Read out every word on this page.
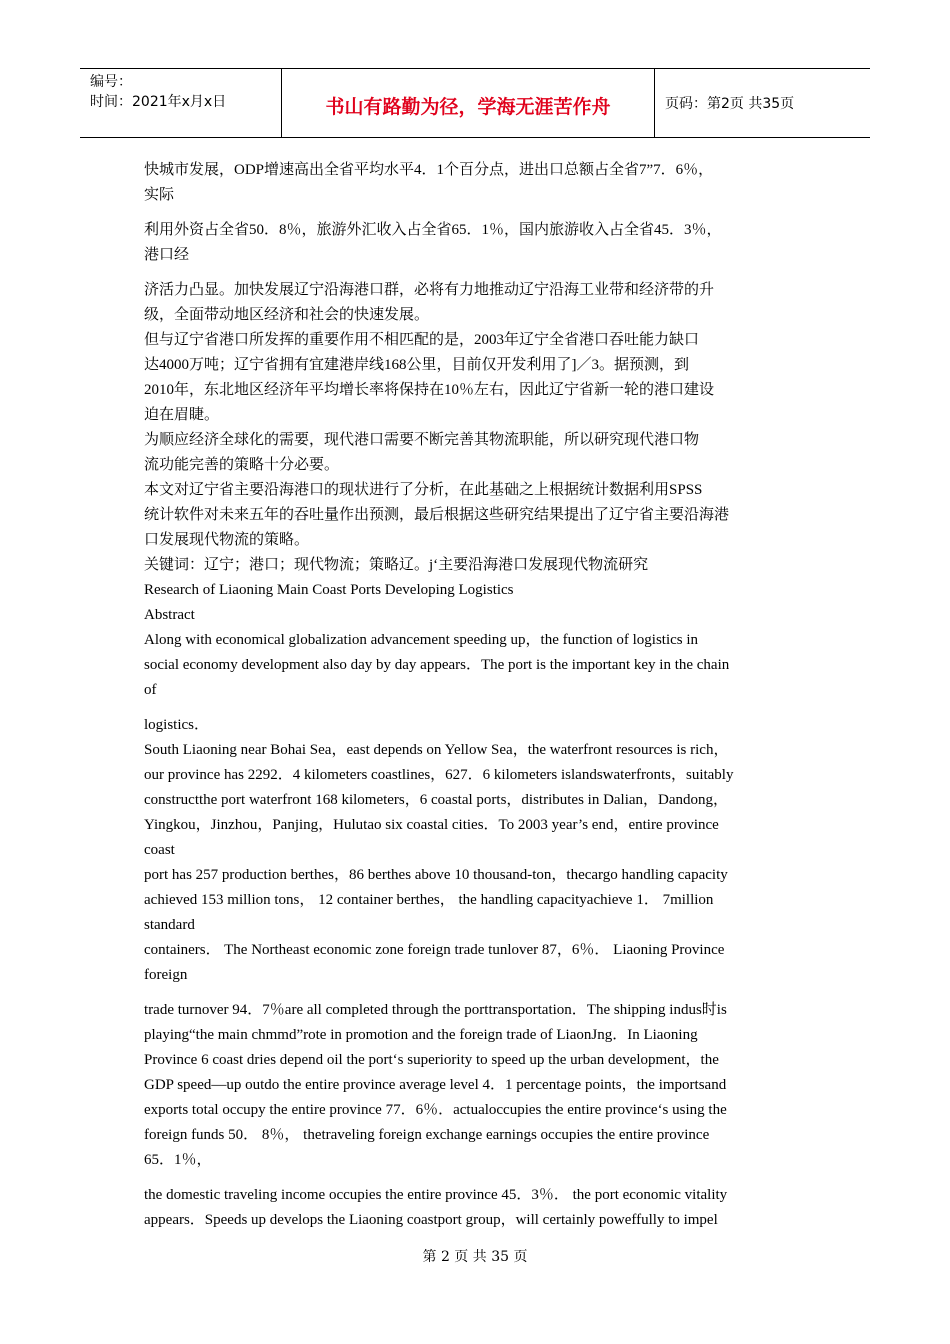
编号：
时间：2021年x月x日	书山有路勤为径，学海无涯苦作舟	页码：第2页 共35页

快城市发展，ODP增速高出全省平均水平4．1个百分点，进出口总额占全省7”7．6％，

实际

利用外资占全省50．8％，旅游外汇收入占全省65．1％，国内旅游收入占全省45．3％，

港口经

济活力凸显。加快发展辽宁沿海港口群，必将有力地推动辽宁沿海工业带和经济带的升

级，全面带动地区经济和社会的快速发展。

但与辽宁省港口所发挥的重要作用不相匹配的是，2003年辽宁全省港口吞吐能力缺口

达4000万吨；辽宁省拥有宜建港岸线168公里，目前仅开发利用了]／3。据预测，到

2010年，东北地区经济年平均增长率将保持在10％左右，因此辽宁省新一轮的港口建设

迫在眉睫。

为顺应经济全球化的需要，现代港口需要不断完善其物流职能，所以研究现代港口物

流功能完善的策略十分必要。

本文对辽宁省主要沿海港口的现状进行了分析，在此基础之上根据统计数据利用SPSS

统计软件对未来五年的吞吐量作出预测，最后根据这些研究结果提出了辽宁省主要沿海港

口发展现代物流的策略。

关键词：辽宁；港口；现代物流；策略辽。j‘主要沿海港口发展现代物流研究

Research of Liaoning Main Coast Ports Developing Logistics

Abstract

Along with economical globalization advancement speeding up，the function of logistics in

social economy development also day by day appears．The port is the important key in the chain

of

logistics．

South Liaoning near Bohai Sea，east depends on Yellow Sea，the waterfront resources is rich，

our province has 2292．4 kilometers coastlines，627．6 kilometers islandswaterfronts，suitably

constructthe port waterfront 168 kilometers，6 coastal ports，distributes in Dalian，Dandong，

Yingkou，Jinzhou，Panjing，Hulutao six coastal cities．To 2003 year’s end，entire province

coast

port has 257 production berthes，86 berthes above 10 thousand-ton，thecargo handling capacity

achieved 153 million tons， 12 container berthes， the handling capacityachieve 1． 7million

standard

containers． The Northeast economic zone foreign trade tunlover 87，6％． Liaoning Province

foreign

trade turnover 94．7％are all completed through the porttransportation．The shipping indus时is

playing“the main chmmd”rote in promotion and the foreign trade of LiaonJng．In Liaoning

Province 6 coast dries depend oil the port‘s superiority to speed up the urban development，the

GDP speed—up outdo the entire province average level 4．1 percentage points，the importsand

exports total occupy the entire province 77．6％．actualoccupies the entire province‘s using the

foreign funds 50． 8％， thetraveling foreign exchange earnings occupies the entire province

65．1％，

the domestic traveling income occupies the entire province 45．3％． the port economic vitality

appears．Speeds up develops the Liaoning coastport group，will certainly poweffully to impel

第 2 页 共 35 页
